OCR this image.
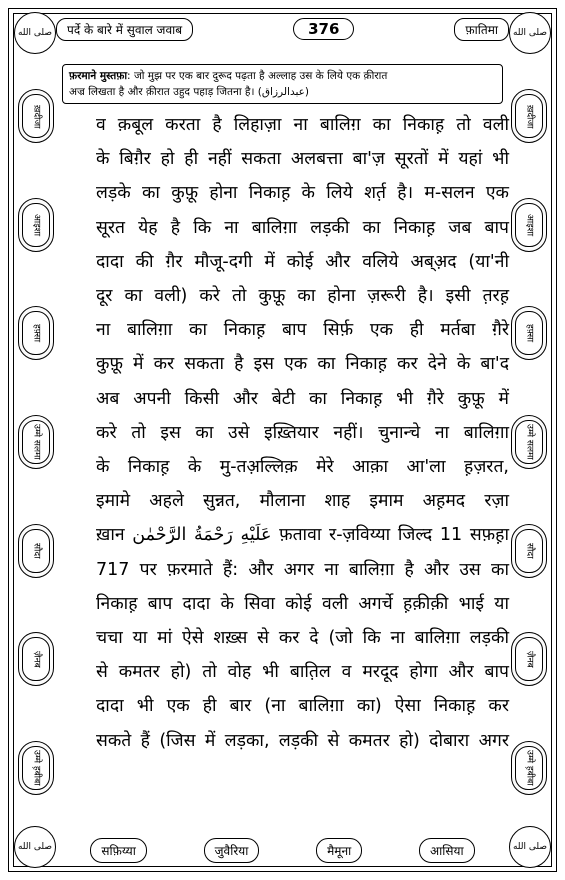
صلى الله	صلى الله
صلى الله	صلى الله
पर्दे के बारे में सुवाल जवाब	376	फ़ातिमा
ख़दीजा
आइशा
हफ़्सा
उम्मे सलमा
सौदा
ज़ैनब
उम्मे ह़बीबा
ख़दीजा
आइशा
हफ़्सा
उम्मे सलमा
सौदा
ज़ैनब
उम्मे ह़बीबा
फ़रमाने मुस्तफ़ा: जो मुझ पर एक बार दुरूद पढ़ता है अल्लाह उस के लिये एक क़ीरात
अज्र लिखता है और क़ीरात उहुद पहाड़ जितना है। (عبدالرزاق)
व क़बूल करता है लिहाज़ा ना बालिग़ का निकाह़ तो वली
के बिग़ैर हो ही नहीं सकता अलबत्ता बा'ज़ सूरतों में यहां भी
लड़के का कुफ़ू होना निकाह़ के लिये शर्त़ है। म-सलन एक
सूरत येह है कि ना बालिग़ा लड़की का निकाह़ जब बाप
दादा की गै़र मौजू-दगी में कोई और वलिये अब्अ़द (या'नी
दूर का वली) करे तो कुफ़ू का होना ज़रूरी है। इसी त़रह़
ना बालिग़ा का निकाह़ बाप सिर्फ़ एक ही मर्तबा गै़रे
कुफ़ू में कर सकता है इस एक का निकाह़ कर देने के बा'द
अब अपनी किसी और बेटी का निकाह़ भी गै़रे कुफ़ू में
करे तो इस का उसे इख़्तियार नहीं। चुनान्चे ना बालिग़ा
के निकाह़ के मु-तअ़ल्लिक़ मेरे आक़ा आ'ला ह़ज़रत,
इमामे अहले सुन्नत, मौलाना शाह इमाम अह़मद रज़ा
ख़ान عَلَيْهِ رَحْمَةُ الرَّحْمٰن फ़तावा र-ज़विय्या जिल्द 11 सफ़ह़ा
717 पर फ़रमाते हैं: और अगर ना बालिग़ा है और उस का
निकाह़ बाप दादा के सिवा कोई वली अगर्चे ह़क़ीक़ी भाई या
चचा या मां ऐसे शख़्स से कर दे (जो कि ना बालिग़ा लड़की
से कमतर हो) तो वोह भी बात़िल व मरदूद होगा और बाप
दादा भी एक ही बार (ना बालिग़ा का) ऐसा निकाह़ कर
सकते हैं (जिस में लड़का, लड़की से कमतर हो) दोबारा अगर
सफ़िय्या	जुवैरिया	मैमूना	आसिया
